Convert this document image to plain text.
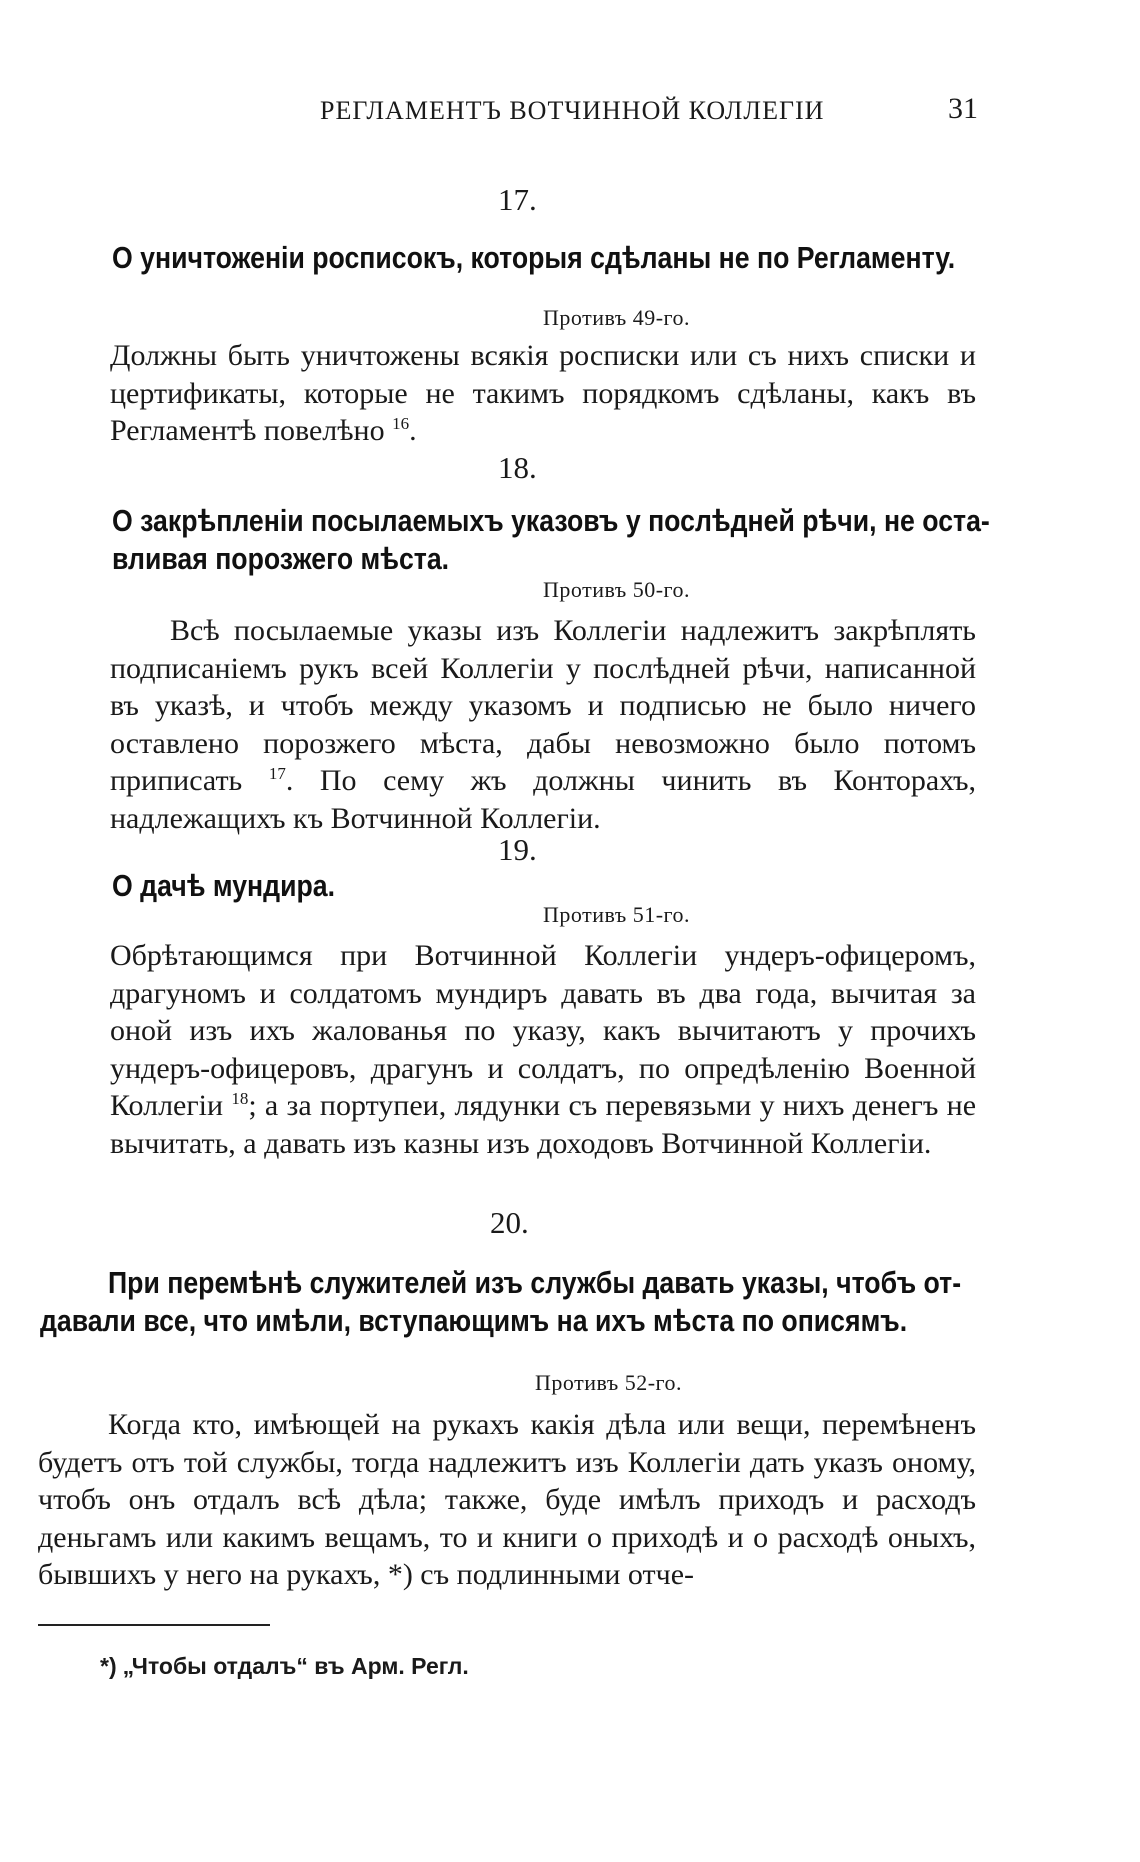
РЕГЛАМЕНТЪ ВОТЧИННОЙ КОЛЛЕГІИ	31
17.
О уничтоженіи росписокъ, которыя сдѣланы не по Регламенту.
Противъ 49-го.
Должны быть уничтожены всякія росписки или съ нихъ списки и цертификаты, которые не такимъ порядкомъ сдѣланы, какъ въ Регламентѣ повелѣно $^{16}$.
18.
О закрѣпленіи посылаемыхъ указовъ у послѣдней рѣчи, не оста-
вливая порозжего мѣста.
Противъ 50-го.
Всѣ посылаемые указы изъ Коллегіи надлежитъ закрѣплять подписаніемъ рукъ всей Коллегіи у послѣдней рѣчи, написанной въ указѣ, и чтобъ между указомъ и подписью не было ничего оставлено порозжего мѣста, дабы невозможно было потомъ приписать $^{17}$. По сему жъ должны чинить въ Конторахъ, надлежащихъ къ Вотчинной Коллегіи.
19.
О дачѣ мундира.
Противъ 51-го.
Обрѣтающимся при Вотчинной Коллегіи ундеръ-офицеромъ, драгуномъ и солдатомъ мундиръ давать въ два года, вычитая за оной изъ ихъ жалованья по указу, какъ вычитаютъ у прочихъ ундеръ-офицеровъ, драгунъ и солдатъ, по опредѣленію Военной Коллегіи $^{18}$; а за портупеи, лядунки съ перевязьми у нихъ денегъ не вычитать, а давать изъ казны изъ доходовъ Вотчинной Коллегіи.
20.
При перемѣнѣ служителей изъ службы давать указы, чтобъ от-
давали все, что имѣли, вступающимъ на ихъ мѣста по описямъ.
Противъ 52-го.
Когда кто, имѣющей на рукахъ какія дѣла или вещи, перемѣненъ будетъ отъ той службы, тогда надлежитъ изъ Коллегіи дать указъ оному, чтобъ онъ отдалъ всѣ дѣла; также, буде имѣлъ приходъ и расходъ деньгамъ или какимъ вещамъ, то и книги о приходѣ и о расходѣ оныхъ, бывшихъ у него на рукахъ, *) съ подлинными отче-
*) „Чтобы отдалъ“ въ Арм. Регл.
